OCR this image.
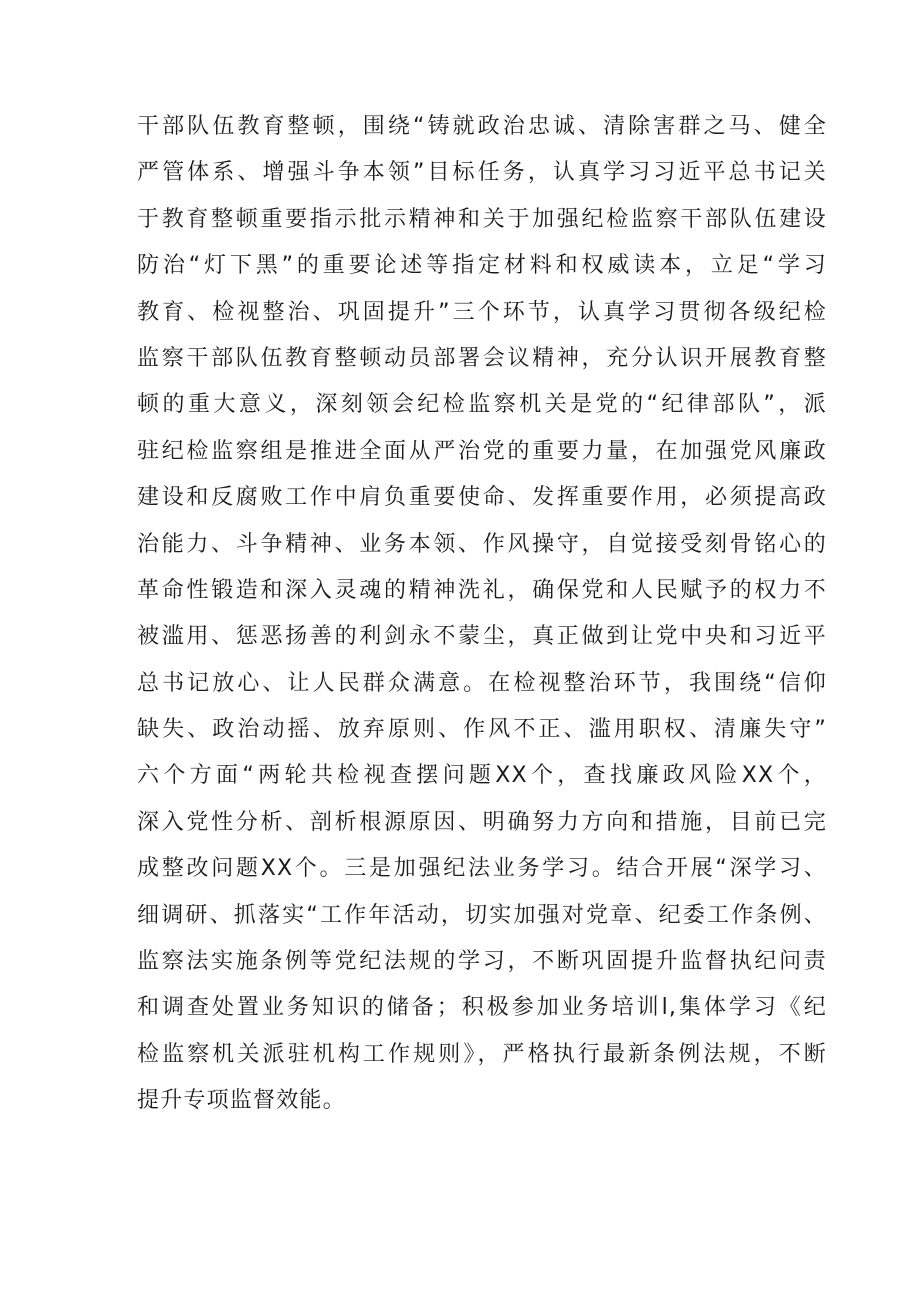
干部队伍教育整顿，围绕“铸就政治忠诚、清除害群之马、健全
严管体系、增强斗争本领”目标任务，认真学习习近平总书记关
于教育整顿重要指示批示精神和关于加强纪检监察干部队伍建设
防治“灯下黑”的重要论述等指定材料和权威读本，立足“学习
教育、检视整治、巩固提升”三个环节，认真学习贯彻各级纪检
监察干部队伍教育整顿动员部署会议精神，充分认识开展教育整
顿的重大意义，深刻领会纪检监察机关是党的“纪律部队”，派
驻纪检监察组是推进全面从严治党的重要力量，在加强党风廉政
建设和反腐败工作中肩负重要使命、发挥重要作用，必须提高政
治能力、斗争精神、业务本领、作风操守，自觉接受刻骨铭心的
革命性锻造和深入灵魂的精神洗礼，确保党和人民赋予的权力不
被滥用、惩恶扬善的利剑永不蒙尘，真正做到让党中央和习近平
总书记放心、让人民群众满意。在检视整治环节，我围绕“信仰
缺失、政治动摇、放弃原则、作风不正、滥用职权、清廉失守”
六个方面“两轮共检视查摆问题XX个，查找廉政风险XX个，
深入党性分析、剖析根源原因、明确努力方向和措施，目前已完
成整改问题XX个。三是加强纪法业务学习。结合开展“深学习、
细调研、抓落实“工作年活动，切实加强对党章、纪委工作条例、
监察法实施条例等党纪法规的学习，不断巩固提升监督执纪问责
和调查处置业务知识的储备；积极参加业务培训l,集体学习《纪
检监察机关派驻机构工作规则》，严格执行最新条例法规，不断
提升专项监督效能。
